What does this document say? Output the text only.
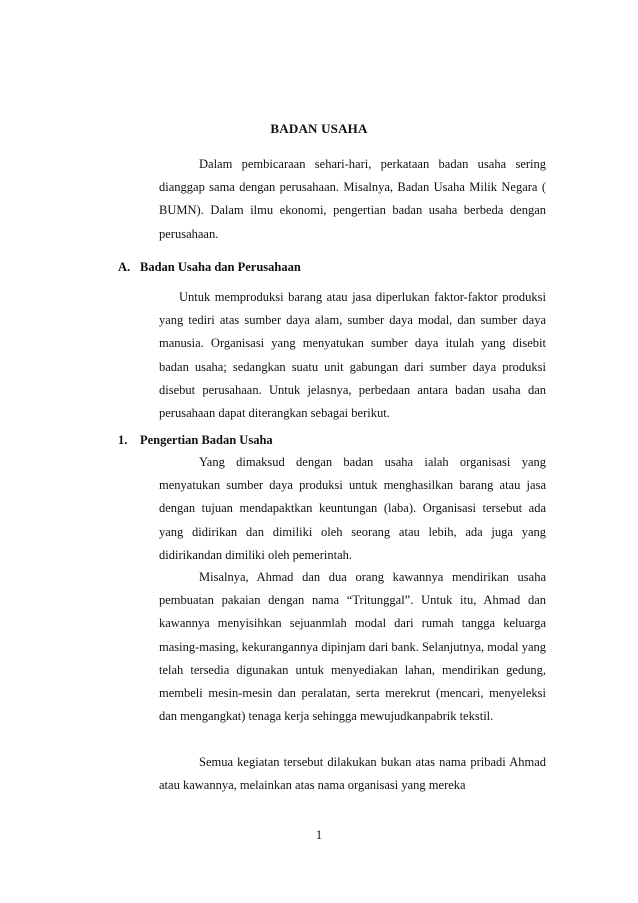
BADAN USAHA

Dalam pembicaraan sehari-hari, perkataan badan usaha sering dianggap sama dengan perusahaan. Misalnya, Badan Usaha Milik Negara ( BUMN). Dalam ilmu ekonomi, pengertian badan usaha berbeda dengan perusahaan.

A. Badan Usaha dan Perusahaan

Untuk memproduksi barang atau jasa diperlukan faktor-faktor produksi yang tediri atas sumber daya alam, sumber daya modal, dan sumber daya manusia. Organisasi yang menyatukan sumber daya itulah yang disebit badan usaha; sedangkan suatu unit gabungan dari sumber daya produksi disebut perusahaan. Untuk jelasnya, perbedaan antara badan usaha dan perusahaan dapat diterangkan sebagai berikut.

1. Pengertian Badan Usaha

Yang dimaksud dengan badan usaha ialah organisasi yang menyatukan sumber daya produksi untuk menghasilkan barang atau jasa dengan tujuan mendapaktkan keuntungan (laba). Organisasi tersebut ada yang didirikan dan dimiliki oleh seorang atau lebih, ada juga yang didirikandan dimiliki oleh pemerintah.

Misalnya, Ahmad dan dua orang kawannya mendirikan usaha pembuatan pakaian dengan nama “Tritunggal”. Untuk itu, Ahmad dan kawannya menyisihkan sejuanmlah modal dari rumah tangga keluarga masing-masing, kekurangannya dipinjam dari bank. Selanjutnya, modal yang telah tersedia digunakan untuk menyediakan lahan, mendirikan gedung, membeli mesin-mesin dan peralatan, serta merekrut (mencari, menyeleksi dan mengangkat) tenaga kerja sehingga mewujudkanpabrik tekstil.

Semua kegiatan tersebut dilakukan bukan atas nama pribadi Ahmad atau kawannya, melainkan atas nama organisasi yang mereka

1
